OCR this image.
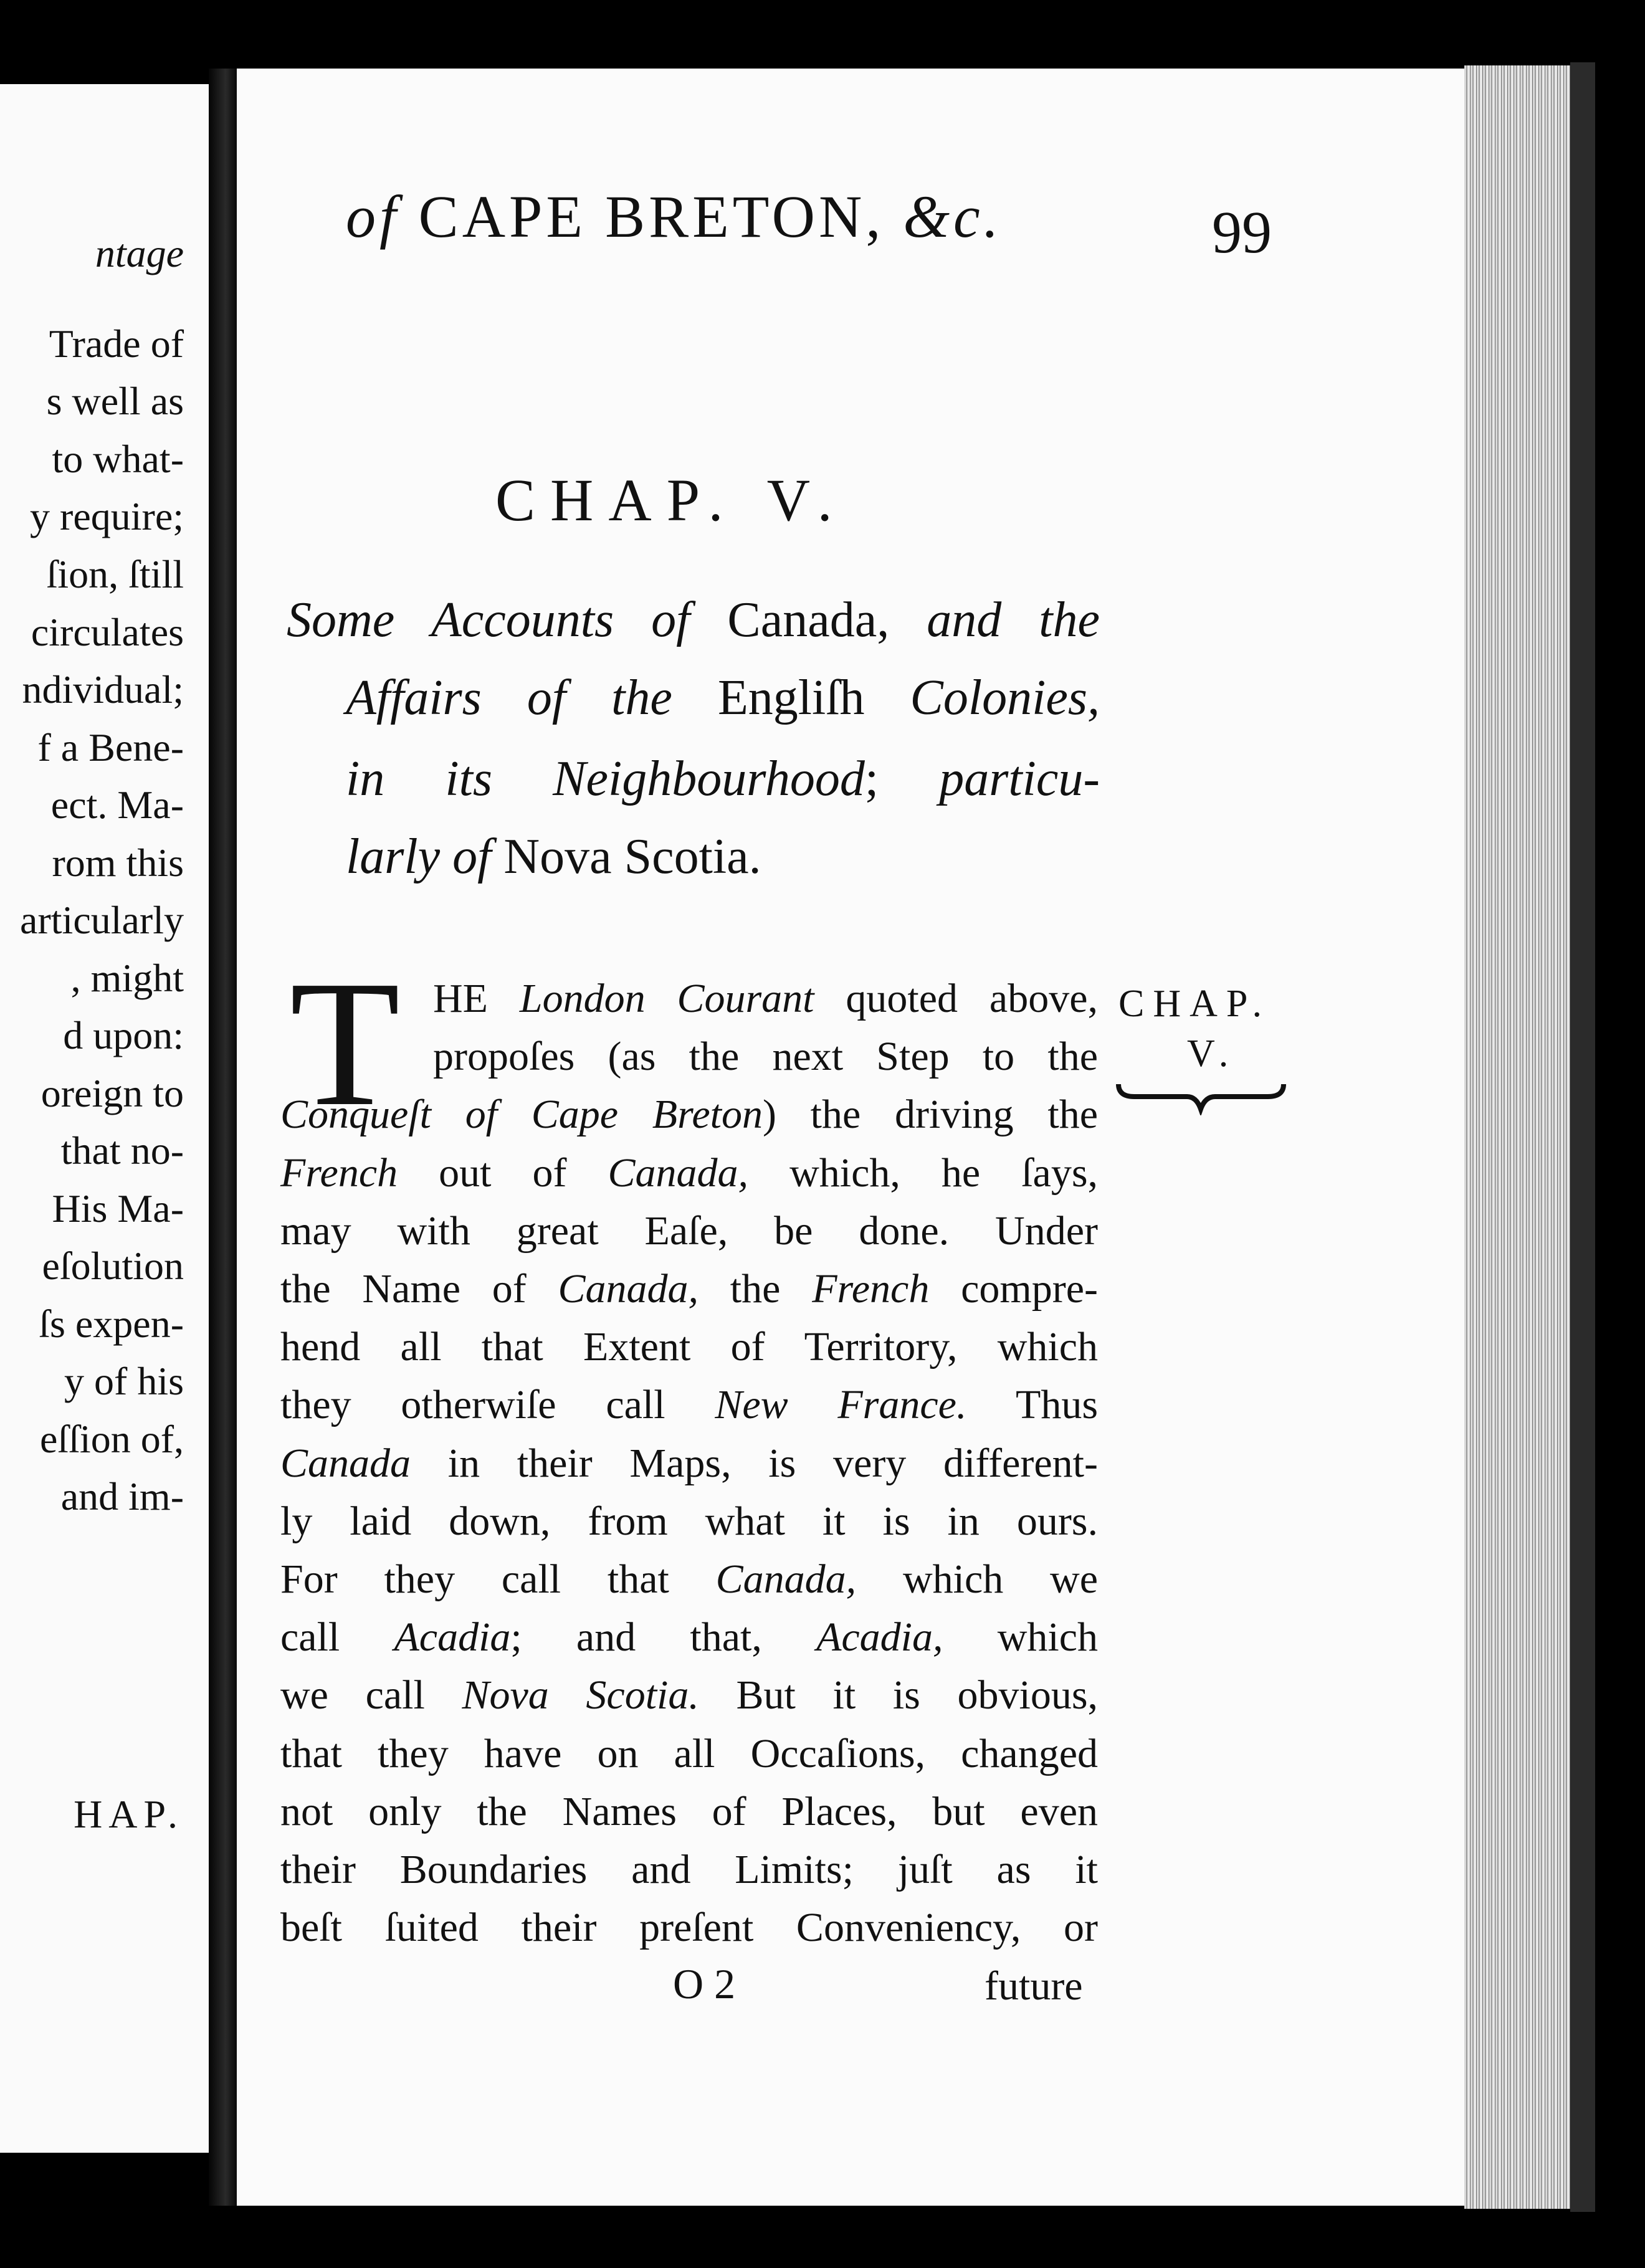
ntage
Trade of
s well as
to what-
y require;
ſion, ſtill
circulates
ndividual;
f a Bene-
ect. Ma-
rom this
articularly
, might
d upon:
oreign to
that no-
His Ma-
eſolution
ſs expen-
y of his
eſſion of,
and im-
HAP.
of CAPE BRETON, &c.	99
CHAP. V.
Some Accounts of Canada, and the
Affairs of the Engliſh Colonies,
in its Neighbourhood; particu-
larly of Nova Scotia.
T HE London Courant quoted above,
propoſes (as the next Step to the
Conqueſt of Cape Breton) the driving the
French out of Canada, which, he ſays,
may with great Eaſe, be done. Under
the Name of Canada, the French compre-
hend all that Extent of Territory, which
they otherwiſe call New France. Thus
Canada in their Maps, is very different-
ly laid down, from what it is in ours.
For they call that Canada, which we
call Acadia; and that, Acadia, which
we call Nova Scotia. But it is obvious,
that they have on all Occaſions, changed
not only the Names of Places, but even
their Boundaries and Limits; juſt as it
beſt ſuited their preſent Conveniency, or
O 2	future
CHAP.
V.
